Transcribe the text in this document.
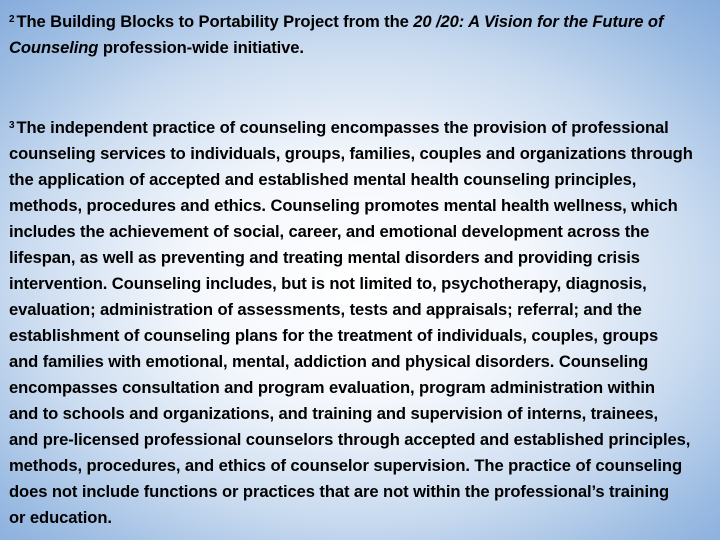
$^2$ The Building Blocks to Portability Project from the 20 /20: A Vision for the Future of
Counseling profession-wide initiative.

$^3$ The independent practice of counseling encompasses the provision of professional
counseling services to individuals, groups, families, couples and organizations through
the application of accepted and established mental health counseling principles,
methods, procedures and ethics. Counseling promotes mental health wellness, which
includes the achievement of social, career, and emotional development across the
lifespan, as well as preventing and treating mental disorders and providing crisis
intervention. Counseling includes, but is not limited to, psychotherapy, diagnosis,
evaluation; administration of assessments, tests and appraisals; referral; and the
establishment of counseling plans for the treatment of individuals, couples, groups
and families with emotional, mental, addiction and physical disorders. Counseling
encompasses consultation and program evaluation, program administration within
and to schools and organizations, and training and supervision of interns, trainees,
and pre-licensed professional counselors through accepted and established principles,
methods, procedures, and ethics of counselor supervision. The practice of counseling
does not include functions or practices that are not within the professional’s training
or education.
